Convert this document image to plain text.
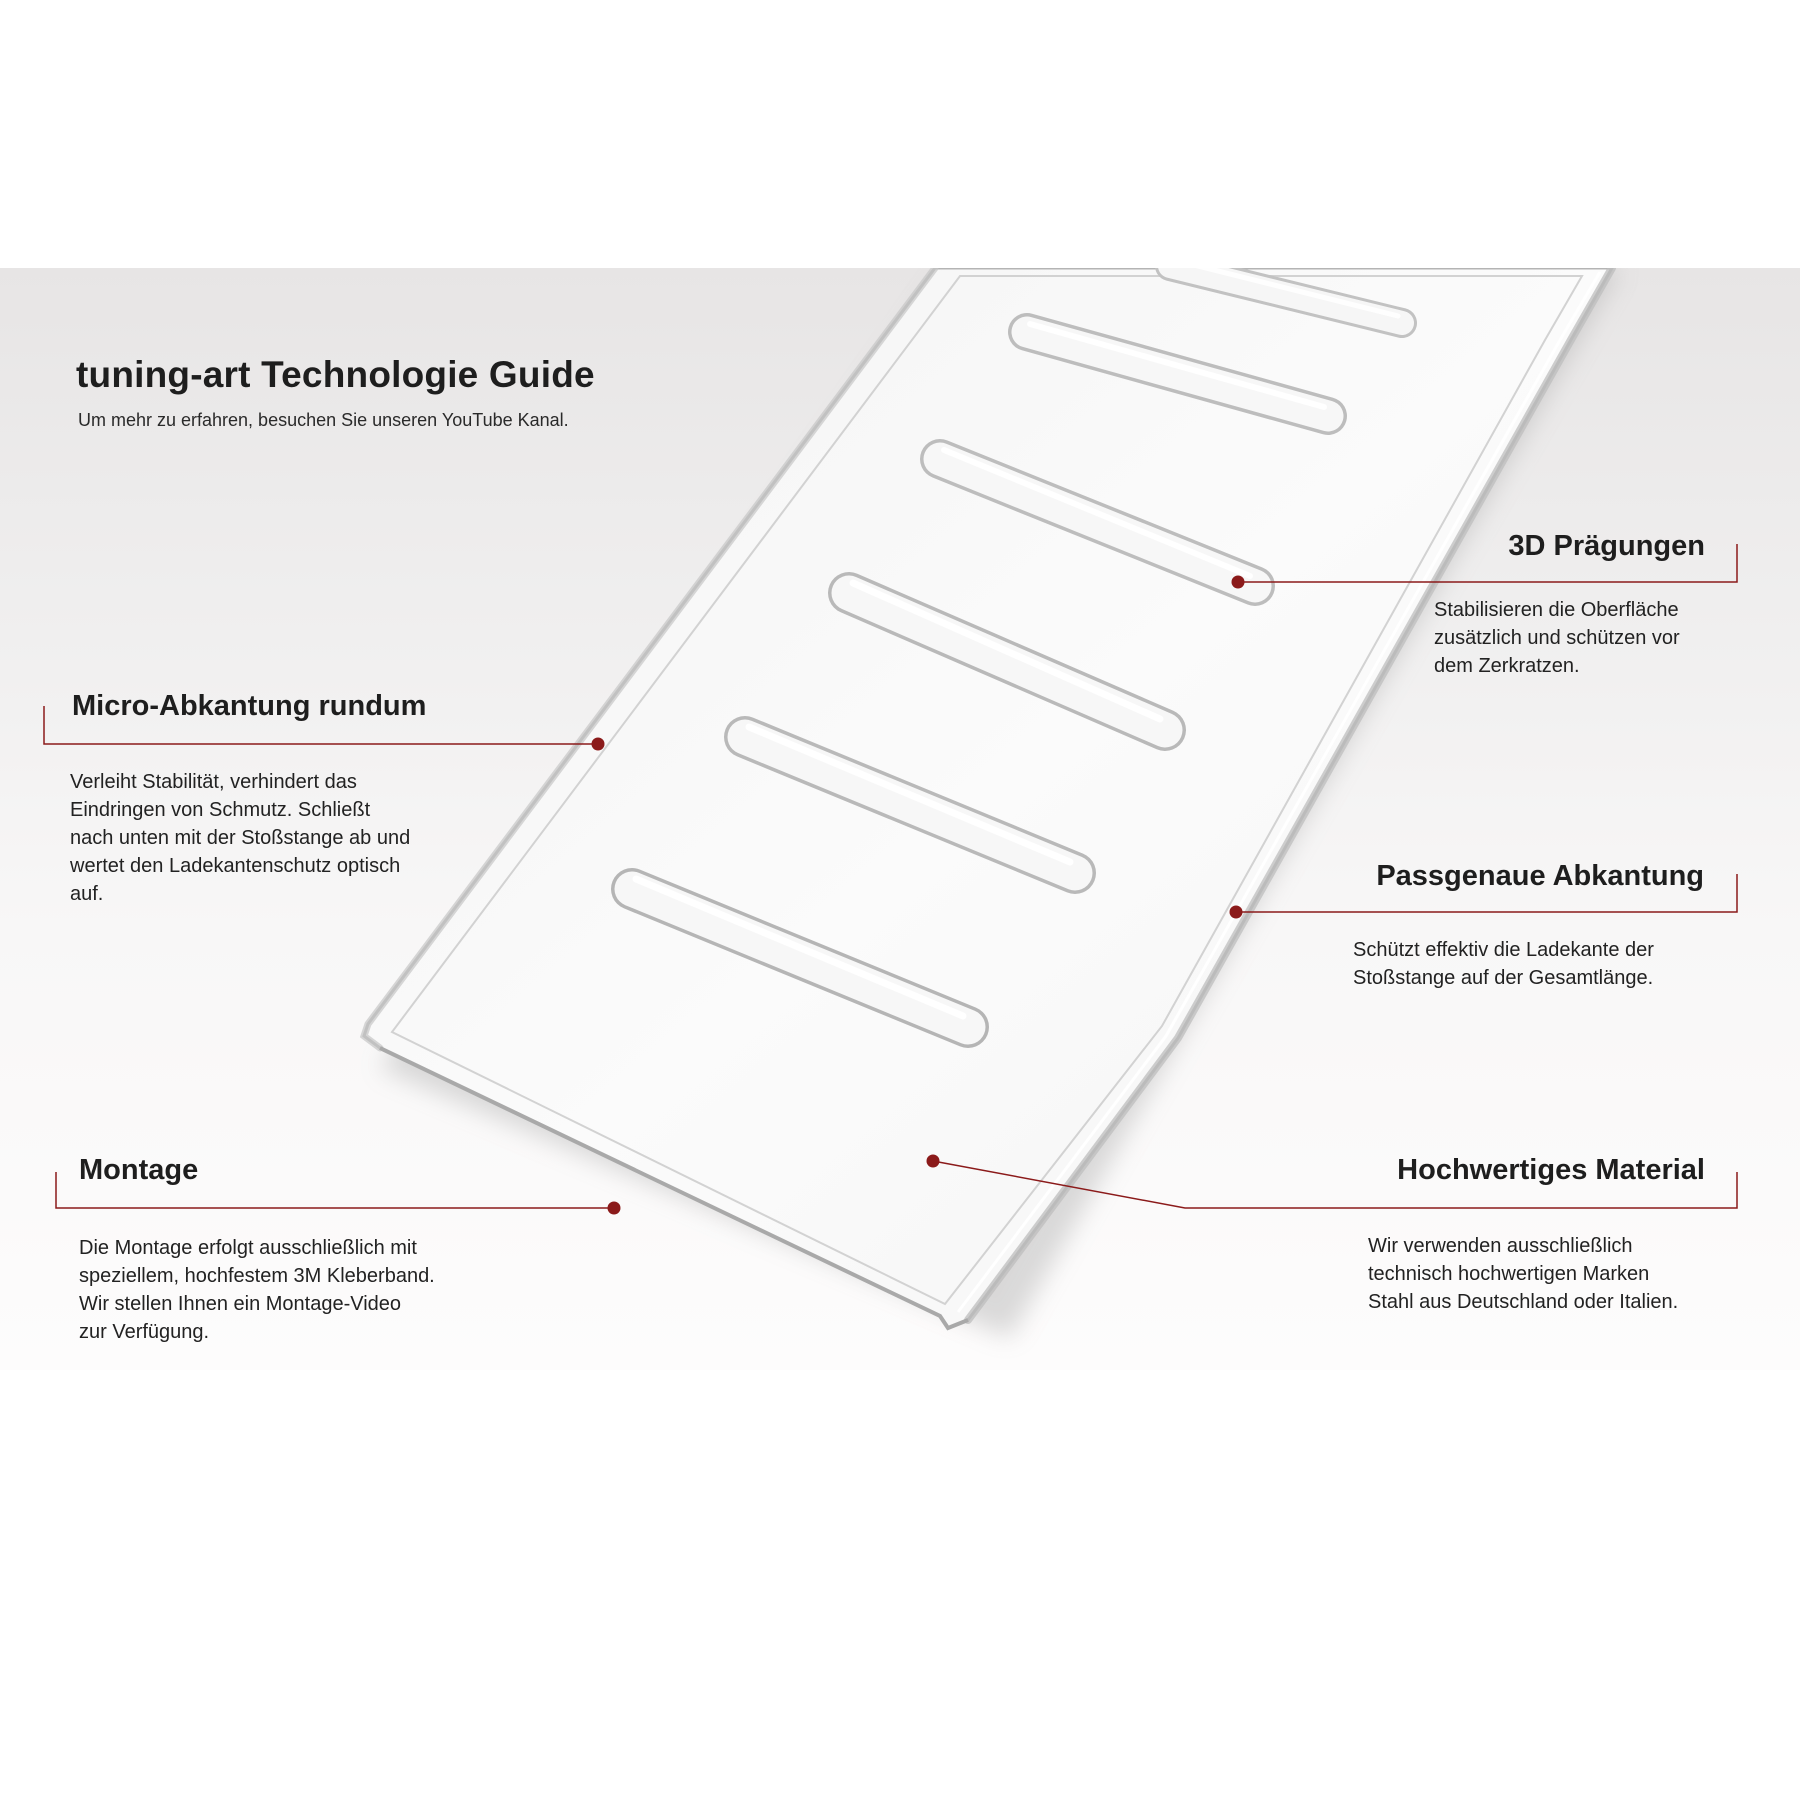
tuning-art Technologie Guide

Um mehr zu erfahren, besuchen Sie unseren YouTube Kanal.

Micro-Abkantung rundum

Verleiht Stabilität, verhindert das
Eindringen von Schmutz. Schließt
nach unten mit der Stoßstange ab und
wertet den Ladekantenschutz optisch
auf.

3D Prägungen

Stabilisieren die Oberfläche
zusätzlich und schützen vor
dem Zerkratzen.

Passgenaue Abkantung

Schützt effektiv die Ladekante der
Stoßstange auf der Gesamtlänge.

Montage

Die Montage erfolgt ausschließlich mit
speziellem, hochfestem 3M Kleberband.
Wir stellen Ihnen ein Montage-Video
zur Verfügung.

Hochwertiges Material

Wir verwenden ausschließlich
technisch hochwertigen Marken
Stahl aus Deutschland oder Italien.
